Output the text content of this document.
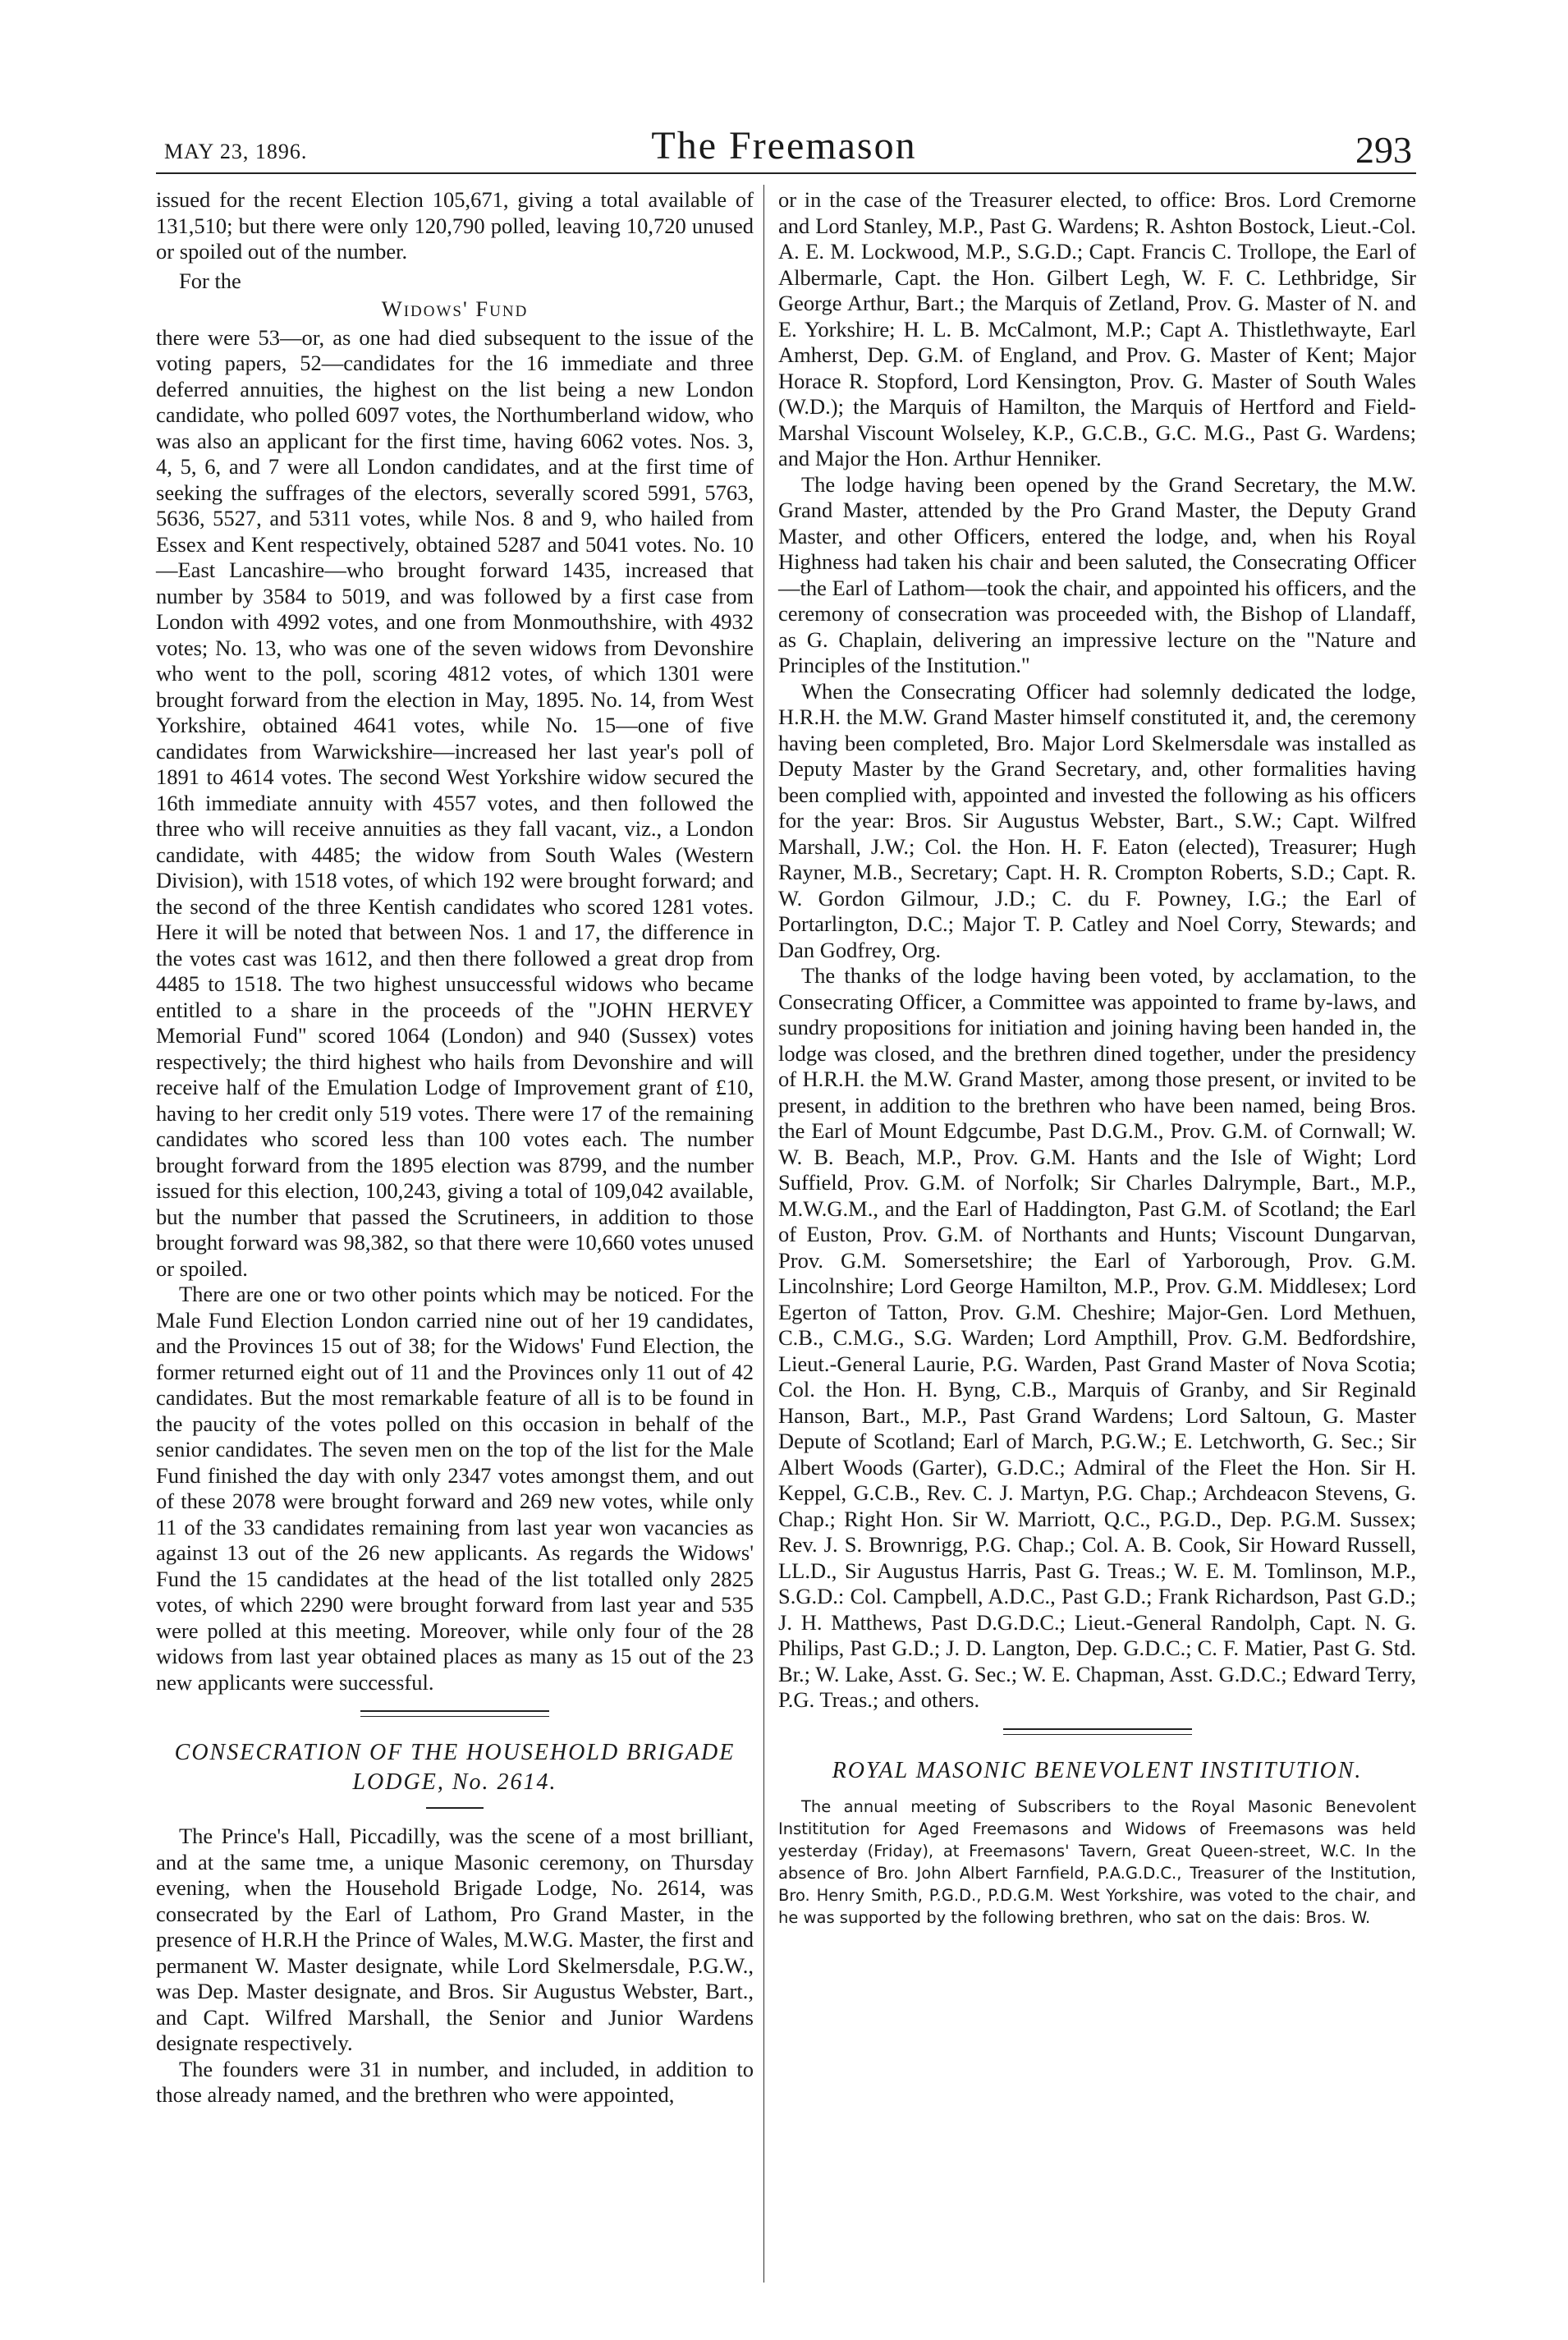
MAY 23, 1896.	The Freemason	293

issued for the recent Election 105,671, giving a total available of 131,510; but there were only 120,790 polled, leaving 10,720 unused or spoiled out of the number.

For the
Widows' Fund

there were 53—or, as one had died subsequent to the issue of the voting papers, 52—candidates for the 16 immediate and three deferred annuities, the highest on the list being a new London candidate, who polled 6097 votes, the Northumberland widow, who was also an applicant for the first time, having 6062 votes. Nos. 3, 4, 5, 6, and 7 were all London candidates, and at the first time of seeking the suffrages of the electors, severally scored 5991, 5763, 5636, 5527, and 5311 votes, while Nos. 8 and 9, who hailed from Essex and Kent respectively, obtained 5287 and 5041 votes. No. 10—East Lancashire—who brought forward 1435, increased that number by 3584 to 5019, and was followed by a first case from London with 4992 votes, and one from Monmouthshire, with 4932 votes; No. 13, who was one of the seven widows from Devonshire who went to the poll, scoring 4812 votes, of which 1301 were brought forward from the election in May, 1895. No. 14, from West Yorkshire, obtained 4641 votes, while No. 15—one of five candidates from Warwickshire—increased her last year's poll of 1891 to 4614 votes. The second West Yorkshire widow secured the 16th immediate annuity with 4557 votes, and then followed the three who will receive annuities as they fall vacant, viz., a London candidate, with 4485; the widow from South Wales (Western Division), with 1518 votes, of which 192 were brought forward; and the second of the three Kentish candidates who scored 1281 votes. Here it will be noted that between Nos. 1 and 17, the difference in the votes cast was 1612, and then there followed a great drop from 4485 to 1518. The two highest unsuccessful widows who became entitled to a share in the proceeds of the "JOHN HERVEY Memorial Fund" scored 1064 (London) and 940 (Sussex) votes respectively; the third highest who hails from Devonshire and will receive half of the Emulation Lodge of Improvement grant of £10, having to her credit only 519 votes. There were 17 of the remaining candidates who scored less than 100 votes each. The number brought forward from the 1895 election was 8799, and the number issued for this election, 100,243, giving a total of 109,042 available, but the number that passed the Scrutineers, in addition to those brought forward was 98,382, so that there were 10,660 votes unused or spoiled.

There are one or two other points which may be noticed. For the Male Fund Election London carried nine out of her 19 candidates, and the Provinces 15 out of 38; for the Widows' Fund Election, the former returned eight out of 11 and the Provinces only 11 out of 42 candidates. But the most remarkable feature of all is to be found in the paucity of the votes polled on this occasion in behalf of the senior candidates. The seven men on the top of the list for the Male Fund finished the day with only 2347 votes amongst them, and out of these 2078 were brought forward and 269 new votes, while only 11 of the 33 candidates remaining from last year won vacancies as against 13 out of the 26 new applicants. As regards the Widows' Fund the 15 candidates at the head of the list totalled only 2825 votes, of which 2290 were brought forward from last year and 535 were polled at this meeting. Moreover, while only four of the 28 widows from last year obtained places as many as 15 out of the 23 new applicants were successful.

CONSECRATION OF THE HOUSEHOLD BRIGADE
LODGE, No. 2614.

The Prince's Hall, Piccadilly, was the scene of a most brilliant, and at the same tme, a unique Masonic ceremony, on Thursday evening, when the Household Brigade Lodge, No. 2614, was consecrated by the Earl of Lathom, Pro Grand Master, in the presence of H.R.H the Prince of Wales, M.W.G. Master, the first and permanent W. Master designate, while Lord Skelmersdale, P.G.W., was Dep. Master designate, and Bros. Sir Augustus Webster, Bart., and Capt. Wilfred Marshall, the Senior and Junior Wardens designate respectively.

The founders were 31 in number, and included, in addition to those already named, and the brethren who were appointed,

or in the case of the Treasurer elected, to office: Bros. Lord Cremorne and Lord Stanley, M.P., Past G. Wardens; R. Ashton Bostock, Lieut.-Col. A. E. M. Lockwood, M.P., S.G.D.; Capt. Francis C. Trollope, the Earl of Albermarle, Capt. the Hon. Gilbert Legh, W. F. C. Lethbridge, Sir George Arthur, Bart.; the Marquis of Zetland, Prov. G. Master of N. and E. Yorkshire; H. L. B. McCalmont, M.P.; Capt A. Thistlethwayte, Earl Amherst, Dep. G.M. of England, and Prov. G. Master of Kent; Major Horace R. Stopford, Lord Kensington, Prov. G. Master of South Wales (W.D.); the Marquis of Hamilton, the Marquis of Hertford and Field-Marshal Viscount Wolseley, K.P., G.C.B., G.C. M.G., Past G. Wardens; and Major the Hon. Arthur Henniker.

The lodge having been opened by the Grand Secretary, the M.W. Grand Master, attended by the Pro Grand Master, the Deputy Grand Master, and other Officers, entered the lodge, and, when his Royal Highness had taken his chair and been saluted, the Consecrating Officer—the Earl of Lathom—took the chair, and appointed his officers, and the ceremony of consecration was proceeded with, the Bishop of Llandaff, as G. Chaplain, delivering an impressive lecture on the "Nature and Principles of the Institution."

When the Consecrating Officer had solemnly dedicated the lodge, H.R.H. the M.W. Grand Master himself constituted it, and, the ceremony having been completed, Bro. Major Lord Skelmersdale was installed as Deputy Master by the Grand Secretary, and, other formalities having been complied with, appointed and invested the following as his officers for the year: Bros. Sir Augustus Webster, Bart., S.W.; Capt. Wilfred Marshall, J.W.; Col. the Hon. H. F. Eaton (elected), Treasurer; Hugh Rayner, M.B., Secretary; Capt. H. R. Crompton Roberts, S.D.; Capt. R. W. Gordon Gilmour, J.D.; C. du F. Powney, I.G.; the Earl of Portarlington, D.C.; Major T. P. Catley and Noel Corry, Stewards; and Dan Godfrey, Org.

The thanks of the lodge having been voted, by acclamation, to the Consecrating Officer, a Committee was appointed to frame by-laws, and sundry propositions for initiation and joining having been handed in, the lodge was closed, and the brethren dined together, under the presidency of H.R.H. the M.W. Grand Master, among those present, or invited to be present, in addition to the brethren who have been named, being Bros. the Earl of Mount Edgcumbe, Past D.G.M., Prov. G.M. of Cornwall; W. W. B. Beach, M.P., Prov. G.M. Hants and the Isle of Wight; Lord Suffield, Prov. G.M. of Norfolk; Sir Charles Dalrymple, Bart., M.P., M.W.G.M., and the Earl of Haddington, Past G.M. of Scotland; the Earl of Euston, Prov. G.M. of Northants and Hunts; Viscount Dungarvan, Prov. G.M. Somersetshire; the Earl of Yarborough, Prov. G.M. Lincolnshire; Lord George Hamilton, M.P., Prov. G.M. Middlesex; Lord Egerton of Tatton, Prov. G.M. Cheshire; Major-Gen. Lord Methuen, C.B., C.M.G., S.G. Warden; Lord Ampthill, Prov. G.M. Bedfordshire, Lieut.-General Laurie, P.G. Warden, Past Grand Master of Nova Scotia; Col. the Hon. H. Byng, C.B., Marquis of Granby, and Sir Reginald Hanson, Bart., M.P., Past Grand Wardens; Lord Saltoun, G. Master Depute of Scotland; Earl of March, P.G.W.; E. Letchworth, G. Sec.; Sir Albert Woods (Garter), G.D.C.; Admiral of the Fleet the Hon. Sir H. Keppel, G.C.B., Rev. C. J. Martyn, P.G. Chap.; Archdeacon Stevens, G. Chap.; Right Hon. Sir W. Marriott, Q.C., P.G.D., Dep. P.G.M. Sussex; Rev. J. S. Brownrigg, P.G. Chap.; Col. A. B. Cook, Sir Howard Russell, LL.D., Sir Augustus Harris, Past G. Treas.; W. E. M. Tomlinson, M.P., S.G.D.: Col. Campbell, A.D.C., Past G.D.; Frank Richardson, Past G.D.; J. H. Matthews, Past D.G.D.C.; Lieut.-General Randolph, Capt. N. G. Philips, Past G.D.; J. D. Langton, Dep. G.D.C.; C. F. Matier, Past G. Std. Br.; W. Lake, Asst. G. Sec.; W. E. Chapman, Asst. G.D.C.; Edward Terry, P.G. Treas.; and others.

ROYAL MASONIC BENEVOLENT INSTITUTION.

The annual meeting of Subscribers to the Royal Masonic Benevolent Instititution for Aged Freemasons and Widows of Freemasons was held yesterday (Friday), at Freemasons' Tavern, Great Queen-street, W.C. In the absence of Bro. John Albert Farnfield, P.A.G.D.C., Treasurer of the Institution, Bro. Henry Smith, P.G.D., P.D.G.M. West Yorkshire, was voted to the chair, and he was supported by the following brethren, who sat on the dais: Bros. W.
